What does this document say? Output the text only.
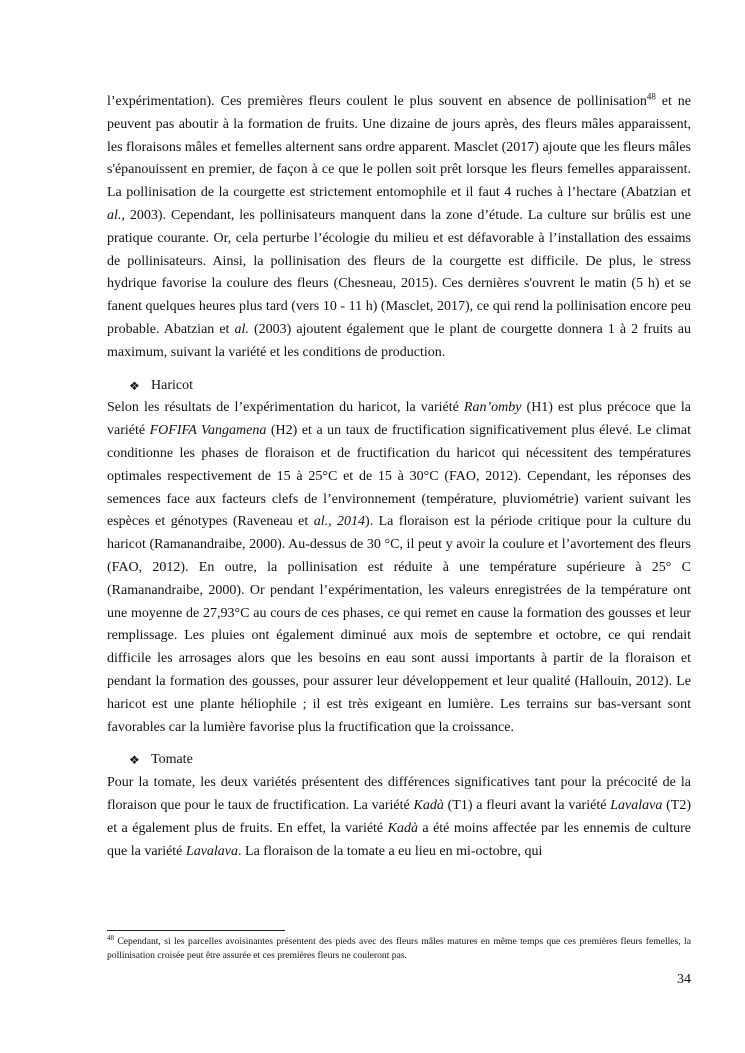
l’expérimentation). Ces premières fleurs coulent le plus souvent en absence de pollinisation$^{48}$ et ne peuvent pas aboutir à la formation de fruits. Une dizaine de jours après, des fleurs mâles apparaissent, les floraisons mâles et femelles alternent sans ordre apparent. Masclet (2017) ajoute que les fleurs mâles s'épanouissent en premier, de façon à ce que le pollen soit prêt lorsque les fleurs femelles apparaissent. La pollinisation de la courgette est strictement entomophile et il faut 4 ruches à l’hectare (Abatzian et al., 2003). Cependant, les pollinisateurs manquent dans la zone d’étude. La culture sur brûlis est une pratique courante. Or, cela perturbe l’écologie du milieu et est défavorable à l’installation des essaims de pollinisateurs. Ainsi, la pollinisation des fleurs de la courgette est difficile. De plus, le stress hydrique favorise la coulure des fleurs (Chesneau, 2015). Ces dernières s'ouvrent le matin (5 h) et se fanent quelques heures plus tard (vers 10 - 11 h) (Masclet, 2017), ce qui rend la pollinisation encore peu probable. Abatzian et al. (2003) ajoutent également que le plant de courgette donnera 1 à 2 fruits au maximum, suivant la variété et les conditions de production.

❖ Haricot

Selon les résultats de l’expérimentation du haricot, la variété Ran’omby (H1) est plus précoce que la variété FOFIFA Vangamena (H2) et a un taux de fructification significativement plus élevé. Le climat conditionne les phases de floraison et de fructification du haricot qui nécessitent des températures optimales respectivement de 15 à 25°C et de 15 à 30°C (FAO, 2012). Cependant, les réponses des semences face aux facteurs clefs de l’environnement (température, pluviométrie) varient suivant les espèces et génotypes (Raveneau et al., 2014). La floraison est la période critique pour la culture du haricot (Ramanandraibe, 2000). Au-dessus de 30 °C, il peut y avoir la coulure et l’avortement des fleurs (FAO, 2012). En outre, la pollinisation est réduite à une température supérieure à 25° C (Ramanandraibe, 2000). Or pendant l’expérimentation, les valeurs enregistrées de la température ont une moyenne de 27,93°C au cours de ces phases, ce qui remet en cause la formation des gousses et leur remplissage. Les pluies ont également diminué aux mois de septembre et octobre, ce qui rendait difficile les arrosages alors que les besoins en eau sont aussi importants à partir de la floraison et pendant la formation des gousses, pour assurer leur développement et leur qualité (Hallouin, 2012). Le haricot est une plante héliophile ; il est très exigeant en lumière. Les terrains sur bas-versant sont favorables car la lumière favorise plus la fructification que la croissance.

❖ Tomate

Pour la tomate, les deux variétés présentent des différences significatives tant pour la précocité de la floraison que pour le taux de fructification. La variété Kadà (T1) a fleuri avant la variété Lavalava (T2) et a également plus de fruits. En effet, la variété Kadà a été moins affectée par les ennemis de culture que la variété Lavalava. La floraison de la tomate a eu lieu en mi-octobre, qui

$^{48}$ Cependant, si les parcelles avoisinantes présentent des pieds avec des fleurs mâles matures en même temps que ces premières fleurs femelles, la pollinisation croisée peut être assurée et ces premières fleurs ne couleront pas.
34
